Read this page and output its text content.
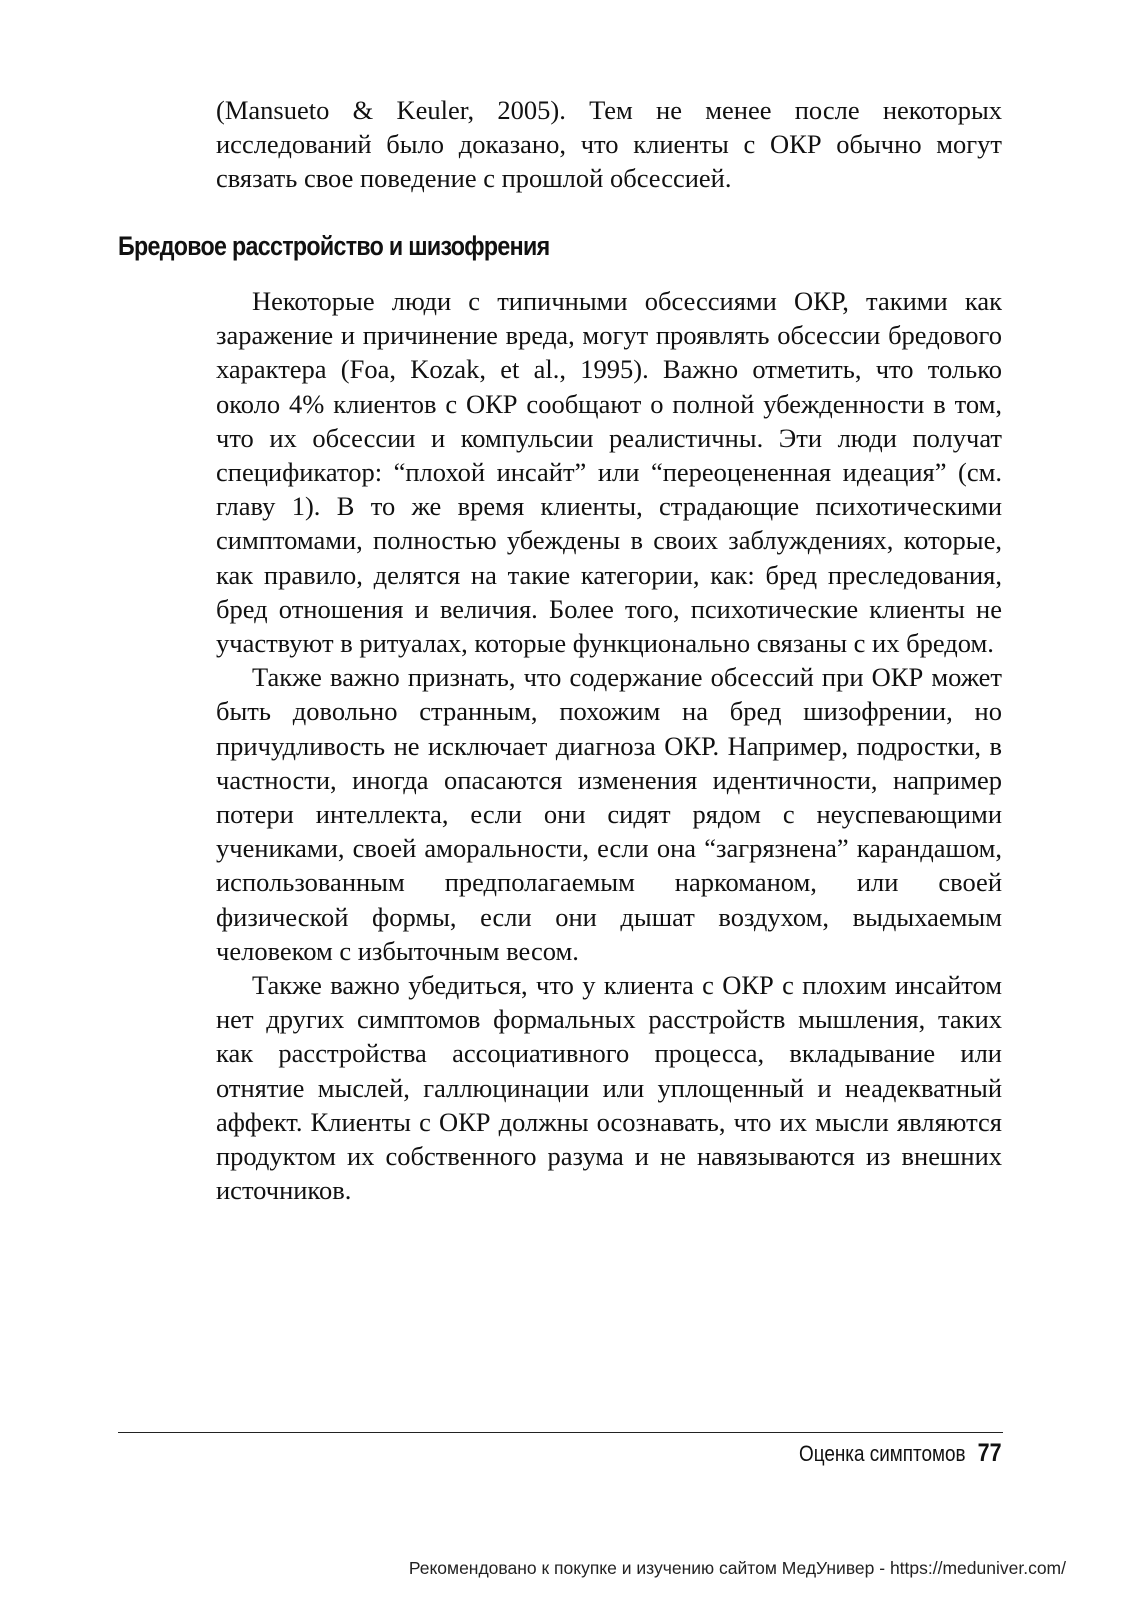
(Mansueto & Keuler, 2005). Тем не менее после некоторых исследований было доказано, что клиенты с ОКР обычно могут связать свое поведение с прошлой обсессией.

Бредовое расстройство и шизофрения

Некоторые люди с типичными обсессиями ОКР, такими как заражение и причинение вреда, могут проявлять обсессии бредового характера (Foa, Kozak, et al., 1995). Важно отметить, что только около 4% клиентов с ОКР сообщают о полной убежденности в том, что их обсессии и компульсии реалистичны. Эти люди получат спецификатор: “плохой инсайт” или “переоцененная идеация” (см. главу 1). В то же время клиенты, страдающие психотическими симптомами, полностью убеждены в своих заблуждениях, которые, как правило, делятся на такие категории, как: бред преследования, бред отношения и величия. Более того, психотические клиенты не участвуют в ритуалах, которые функционально связаны с их бредом.

Также важно признать, что содержание обсессий при ОКР может быть довольно странным, похожим на бред шизофрении, но причудливость не исключает диагноза ОКР. Например, подростки, в частности, иногда опасаются изменения идентичности, например потери интеллекта, если они сидят рядом с неуспевающими учениками, своей аморальности, если она “загрязнена” карандашом, использованным предполагаемым наркоманом, или своей физической формы, если они дышат воздухом, выдыхаемым человеком с избыточным весом.

Также важно убедиться, что у клиента с ОКР с плохим инсайтом нет других симптомов формальных расстройств мышления, таких как расстройства ассоциативного процесса, вкладывание или отнятие мыслей, галлюцинации или уплощенный и неадекватный аффект. Клиенты с ОКР должны осознавать, что их мысли являются продуктом их собственного разума и не навязываются из внешних источников.

Оценка симптомов 77
Рекомендовано к покупке и изучению сайтом МедУнивер - https://meduniver.com/
